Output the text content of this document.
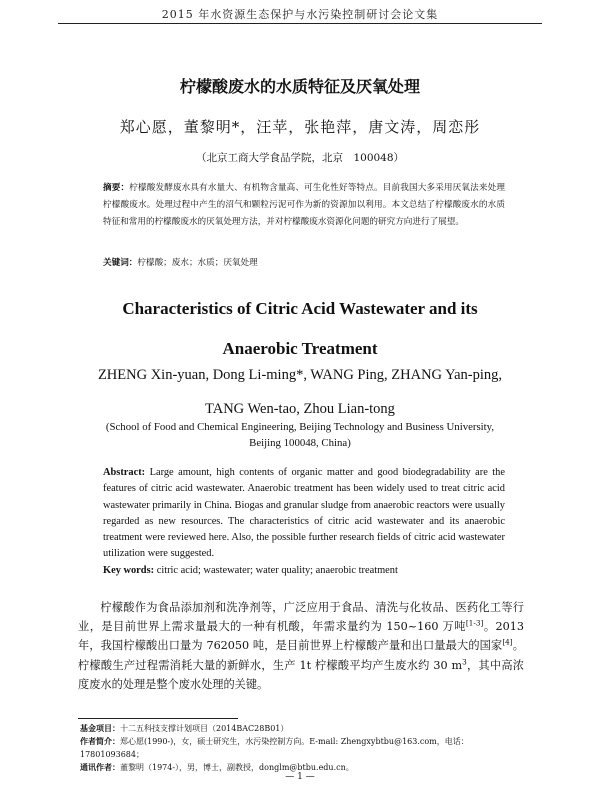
2015 年水资源生态保护与水污染控制研讨会论文集
柠檬酸废水的水质特征及厌氧处理
郑心愿，董黎明*，汪苹，张艳萍，唐文涛，周恋彤
（北京工商大学食品学院，北京　100048）
摘要：柠檬酸发酵废水具有水量大、有机物含量高、可生化性好等特点。目前我国大多采用厌氧法来处理柠檬酸废水。处理过程中产生的沼气和颗粒污泥可作为新的资源加以利用。本文总结了柠檬酸废水的水质特征和常用的柠檬酸废水的厌氧处理方法，并对柠檬酸废水资源化问题的研究方向进行了展望。
关键词：柠檬酸；废水；水质；厌氧处理
Characteristics of Citric Acid Wastewater and its
Anaerobic Treatment
ZHENG Xin-yuan, Dong Li-ming*, WANG Ping, ZHANG Yan-ping,
TANG Wen-tao, Zhou Lian-tong
(School of Food and Chemical Engineering, Beijing Technology and Business University,
Beijing 100048, China)
Abstract: Large amount, high contents of organic matter and good biodegradability are the features of citric acid wastewater. Anaerobic treatment has been widely used to treat citric acid wastewater primarily in China. Biogas and granular sludge from anaerobic reactors were usually regarded as new resources. The characteristics of citric acid wastewater and its anaerobic treatment were reviewed here. Also, the possible further research fields of citric acid wastewater utilization were suggested.
Key words: citric acid; wastewater; water quality; anaerobic treatment
柠檬酸作为食品添加剂和洗净剂等，广泛应用于食品、清洗与化妆品、医药化工等行业，是目前世界上需求量最大的一种有机酸，年需求量约为 150~160 万吨[1-3]。2013 年，我国柠檬酸出口量为 762050 吨，是目前世界上柠檬酸产量和出口量最大的国家[4]。柠檬酸生产过程需消耗大量的新鲜水，生产 1t 柠檬酸平均产生废水约 30 $m^3$，其中高浓度废水的处理是整个废水处理的关键。
基金项目：十二五科技支撑计划项目（2014BAC28B01）
作者简介：郑心愿(1990-)，女，硕士研究生，水污染控制方向。E-mail: Zhengxybtbu@163.com，电话：17801093684；
通讯作者：董黎明（1974-），男，博士，副教授，donglm@btbu.edu.cn。
— 1 —
